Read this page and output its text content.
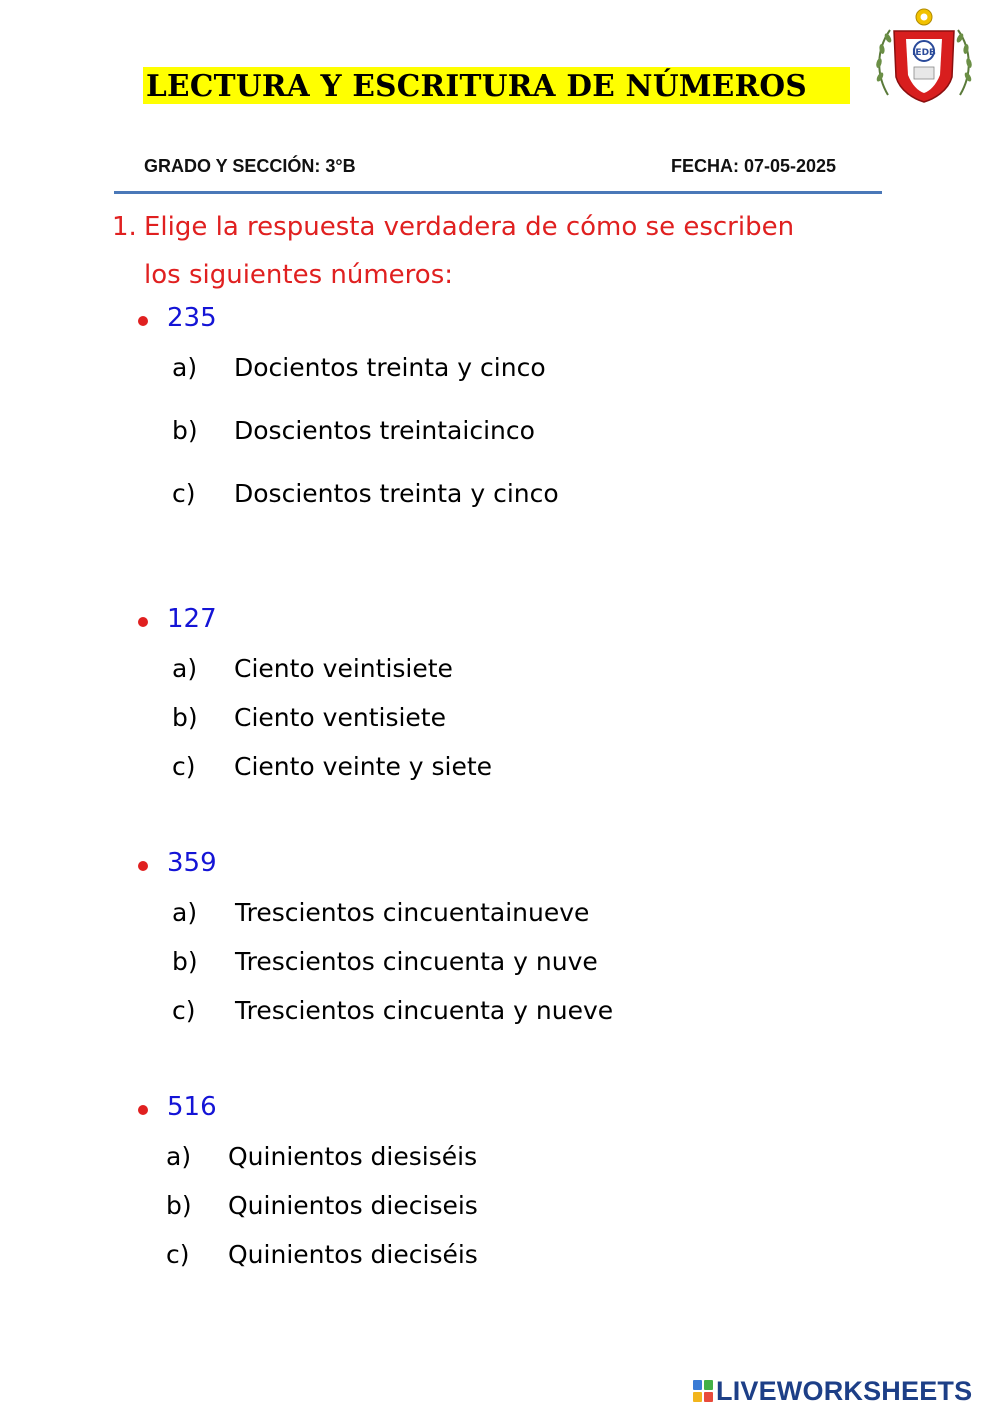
LECTURA Y ESCRITURA DE NÚMEROS
IEDB
GRADO Y SECCIÓN: 3°B	FECHA: 07-05-2025
1. Elige la respuesta verdadera de cómo se escriben
los siguientes números:
235
a) Docientos treinta y cinco
b) Doscientos treintaicinco
c) Doscientos treinta y cinco
127
a) Ciento veintisiete
b) Ciento ventisiete
c) Ciento veinte y siete
359
a) Trescientos cincuentainueve
b) Trescientos cincuenta y nuve
c) Trescientos cincuenta y nueve
516
a) Quinientos diesiséis
b) Quinientos dieciseis
c) Quinientos dieciséis
LIVEWORKSHEETS
